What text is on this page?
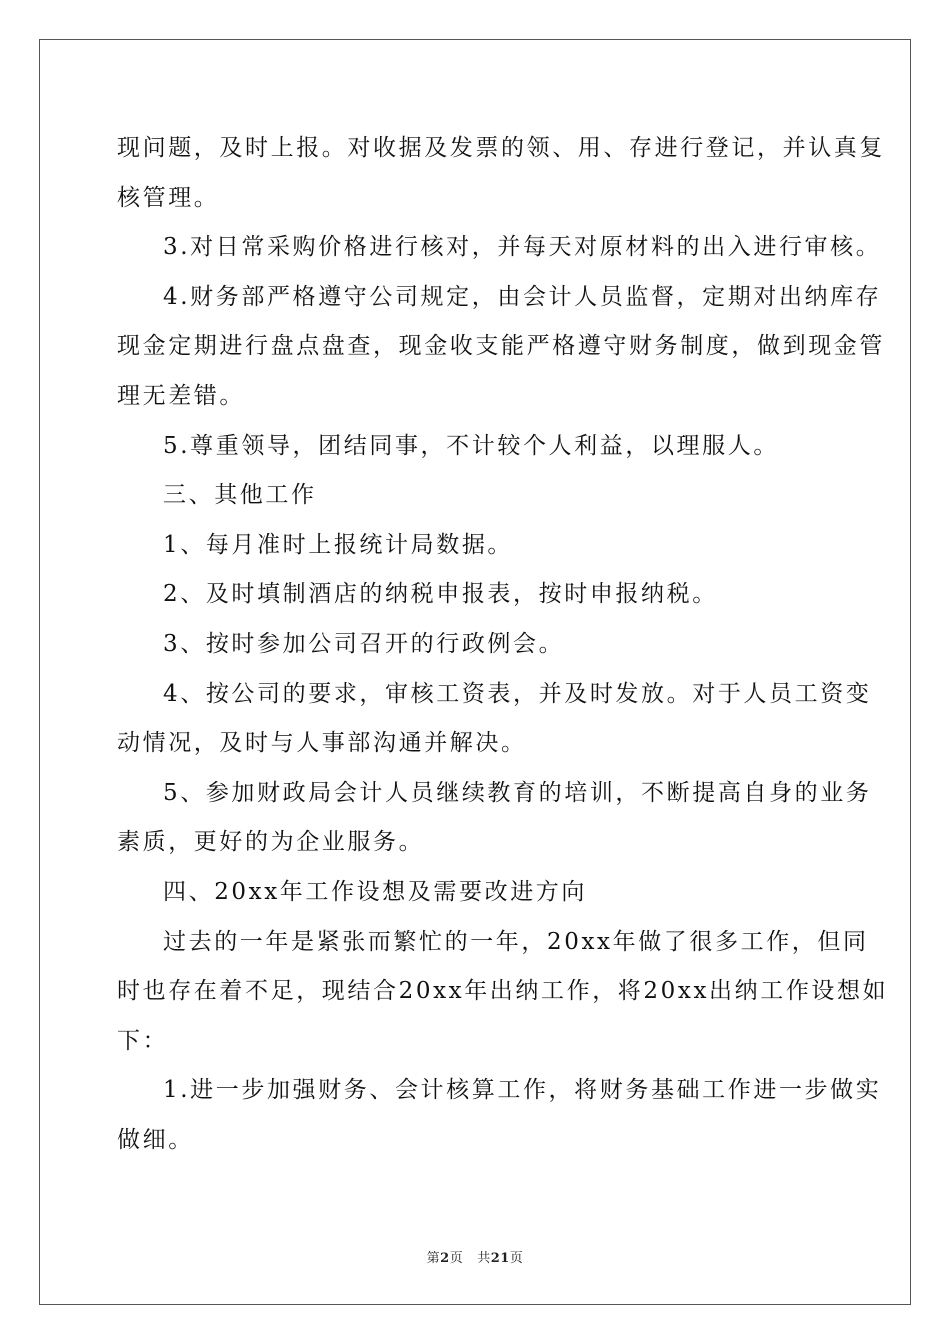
现问题，及时上报。对收据及发票的领、用、存进行登记，并认真复

核管理。

3.对日常采购价格进行核对，并每天对原材料的出入进行审核。

4.财务部严格遵守公司规定，由会计人员监督，定期对出纳库存

现金定期进行盘点盘查，现金收支能严格遵守财务制度，做到现金管

理无差错。

5.尊重领导，团结同事，不计较个人利益，以理服人。

三、其他工作

1、每月准时上报统计局数据。

2、及时填制酒店的纳税申报表，按时申报纳税。

3、按时参加公司召开的行政例会。

4、按公司的要求，审核工资表，并及时发放。对于人员工资变

动情况，及时与人事部沟通并解决。

5、参加财政局会计人员继续教育的培训，不断提高自身的业务

素质，更好的为企业服务。

四、20xx年工作设想及需要改进方向

过去的一年是紧张而繁忙的一年，20xx年做了很多工作，但同

时也存在着不足，现结合20xx年出纳工作，将20xx出纳工作设想如

下：

1.进一步加强财务、会计核算工作，将财务基础工作进一步做实

做细。

第2页 共21页
